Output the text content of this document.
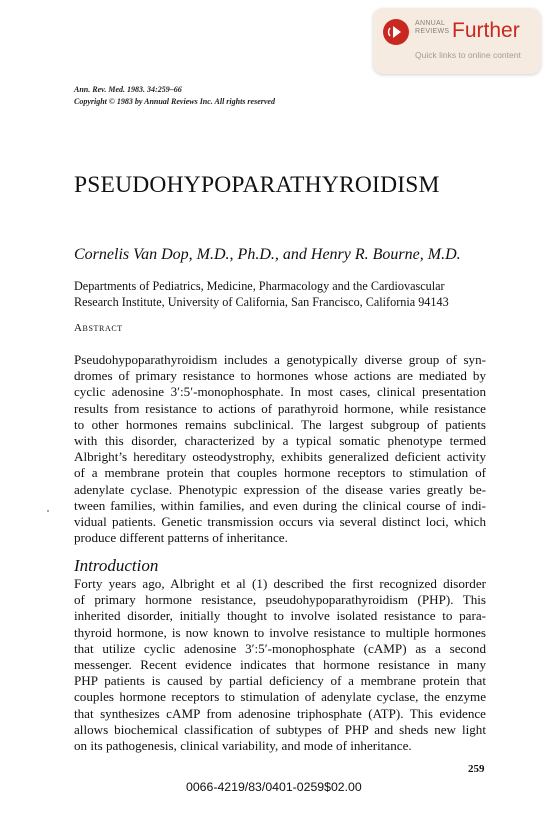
ANNUAL
REVIEWS Further
Quick links to online content
Ann. Rev. Med. 1983. 34:259–66
Copyright © 1983 by Annual Reviews Inc. All rights reserved
PSEUDOHYPOPARATHYROIDISM
Cornelis Van Dop, M.D., Ph.D., and Henry R. Bourne, M.D.
Departments of Pediatrics, Medicine, Pharmacology and the Cardiovascular
Research Institute, University of California, San Francisco, California 94143
Abstract
Pseudohypoparathyroidism includes a genotypically diverse group of syn-
dromes of primary resistance to hormones whose actions are mediated by
cyclic adenosine 3′:5′-monophosphate. In most cases, clinical presentation
results from resistance to actions of parathyroid hormone, while resistance
to other hormones remains subclinical. The largest subgroup of patients
with this disorder, characterized by a typical somatic phenotype termed
Albright’s hereditary osteodystrophy, exhibits generalized deficient activity
of a membrane protein that couples hormone receptors to stimulation of
adenylate cyclase. Phenotypic expression of the disease varies greatly be-
tween families, within families, and even during the clinical course of indi-
vidual patients. Genetic transmission occurs via several distinct loci, which
produce different patterns of inheritance.
Introduction
Forty years ago, Albright et al (1) described the first recognized disorder
of primary hormone resistance, pseudohypoparathyroidism (PHP). This
inherited disorder, initially thought to involve isolated resistance to para-
thyroid hormone, is now known to involve resistance to multiple hormones
that utilize cyclic adenosine 3′:5′-monophosphate (cAMP) as a second
messenger. Recent evidence indicates that hormone resistance in many
PHP patients is caused by partial deficiency of a membrane protein that
couples hormone receptors to stimulation of adenylate cyclase, the enzyme
that synthesizes cAMP from adenosine triphosphate (ATP). This evidence
allows biochemical classification of subtypes of PHP and sheds new light
on its pathogenesis, clinical variability, and mode of inheritance.
259
0066-4219/83/0401-0259$02.00
